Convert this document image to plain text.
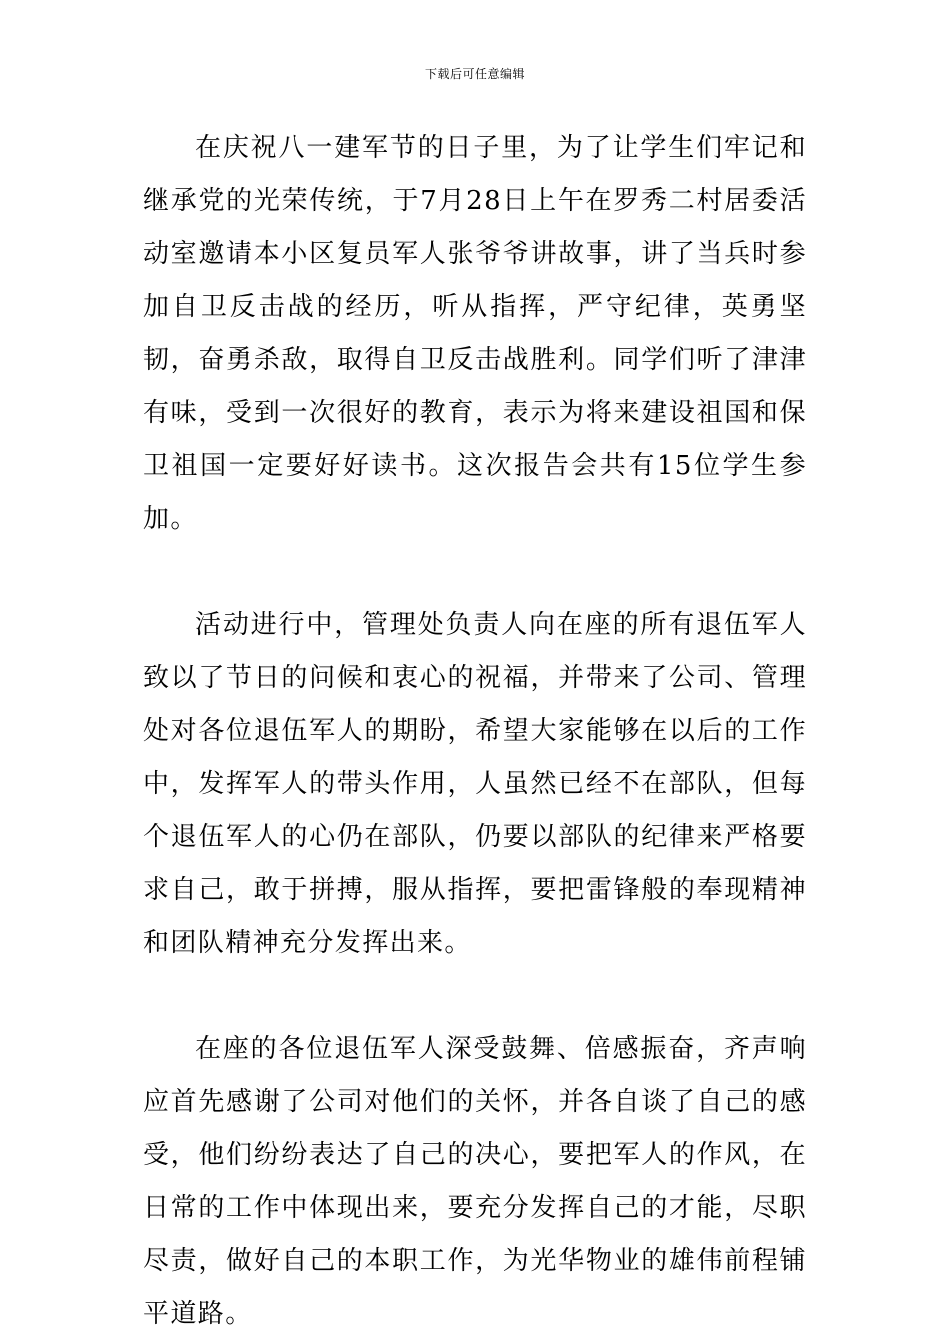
下载后可任意编辑

在庆祝八一建军节的日子里，为了让学生们牢记和继承党的光荣传统，于7月28日上午在罗秀二村居委活动室邀请本小区复员军人张爷爷讲故事，讲了当兵时参加自卫反击战的经历，听从指挥，严守纪律，英勇坚韧，奋勇杀敌，取得自卫反击战胜利。同学们听了津津有味，受到一次很好的教育，表示为将来建设祖国和保卫祖国一定要好好读书。这次报告会共有15位学生参加。

活动进行中，管理处负责人向在座的所有退伍军人致以了节日的问候和衷心的祝福，并带来了公司、管理处对各位退伍军人的期盼，希望大家能够在以后的工作中，发挥军人的带头作用，人虽然已经不在部队，但每个退伍军人的心仍在部队，仍要以部队的纪律来严格要求自己，敢于拼搏，服从指挥，要把雷锋般的奉现精神和团队精神充分发挥出来。

在座的各位退伍军人深受鼓舞、倍感振奋，齐声响应首先感谢了公司对他们的关怀，并各自谈了自己的感受，他们纷纷表达了自己的决心，要把军人的作风，在日常的工作中体现出来，要充分发挥自己的才能，尽职尽责，做好自己的本职工作，为光华物业的雄伟前程铺平道路。
